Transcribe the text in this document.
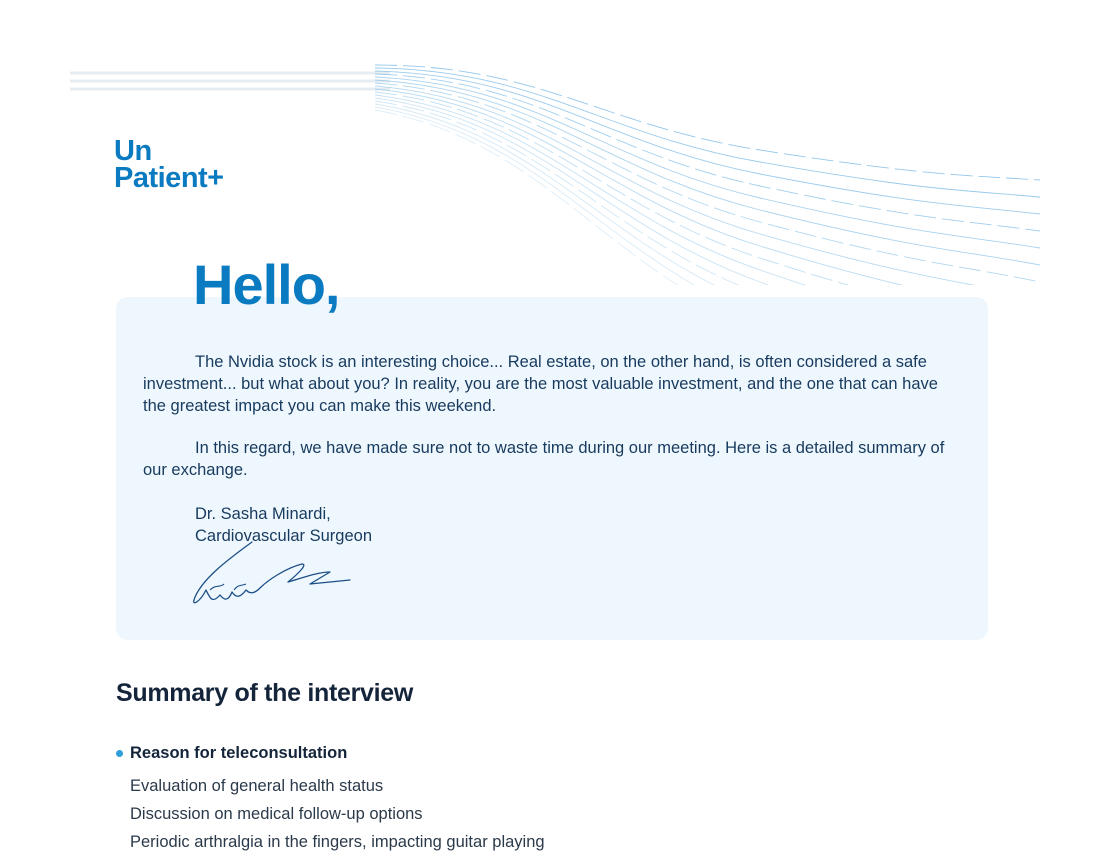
Un
Patient+
Hello,

The Nvidia stock is an interesting choice... Real estate, on the other hand, is often considered a safe investment... but what about you? In reality, you are the most valuable investment, and the one that can have the greatest impact you can make this weekend.

In this regard, we have made sure not to waste time during our meeting. Here is a detailed summary of our exchange.

Dr. Sasha Minardi,
Cardiovascular Surgeon
Summary of the interview
Reason for teleconsultation
Evaluation of general health status
Discussion on medical follow-up options
Periodic arthralgia in the fingers, impacting guitar playing
